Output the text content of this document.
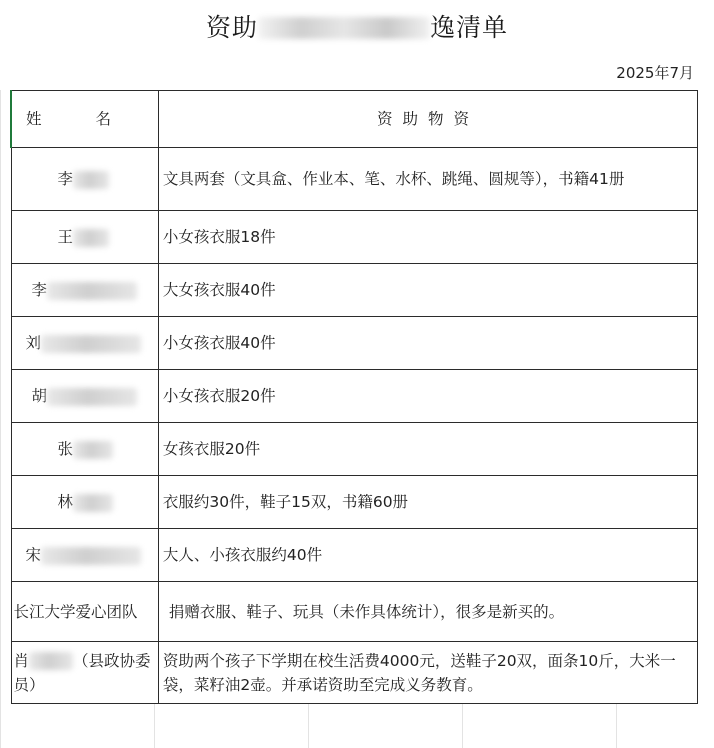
资助	逸清单
2025年7月
姓 名	资助物资
李	文具两套（文具盒、作业本、笔、水杯、跳绳、圆规等），书籍41册
王	小女孩衣服18件
李	大女孩衣服40件
刘	小女孩衣服40件
胡	小女孩衣服20件
张	女孩衣服20件
林	衣服约30件，鞋子15双，书籍60册
宋	大人、小孩衣服约40件
长江大学爱心团队	捐赠衣服、鞋子、玩具（未作具体统计），很多是新买的。
肖 （县政协委员）	资助两个孩子下学期在校生活费4000元，送鞋子20双，面条10斤，大米一袋，菜籽油2壶。并承诺资助至完成义务教育。
